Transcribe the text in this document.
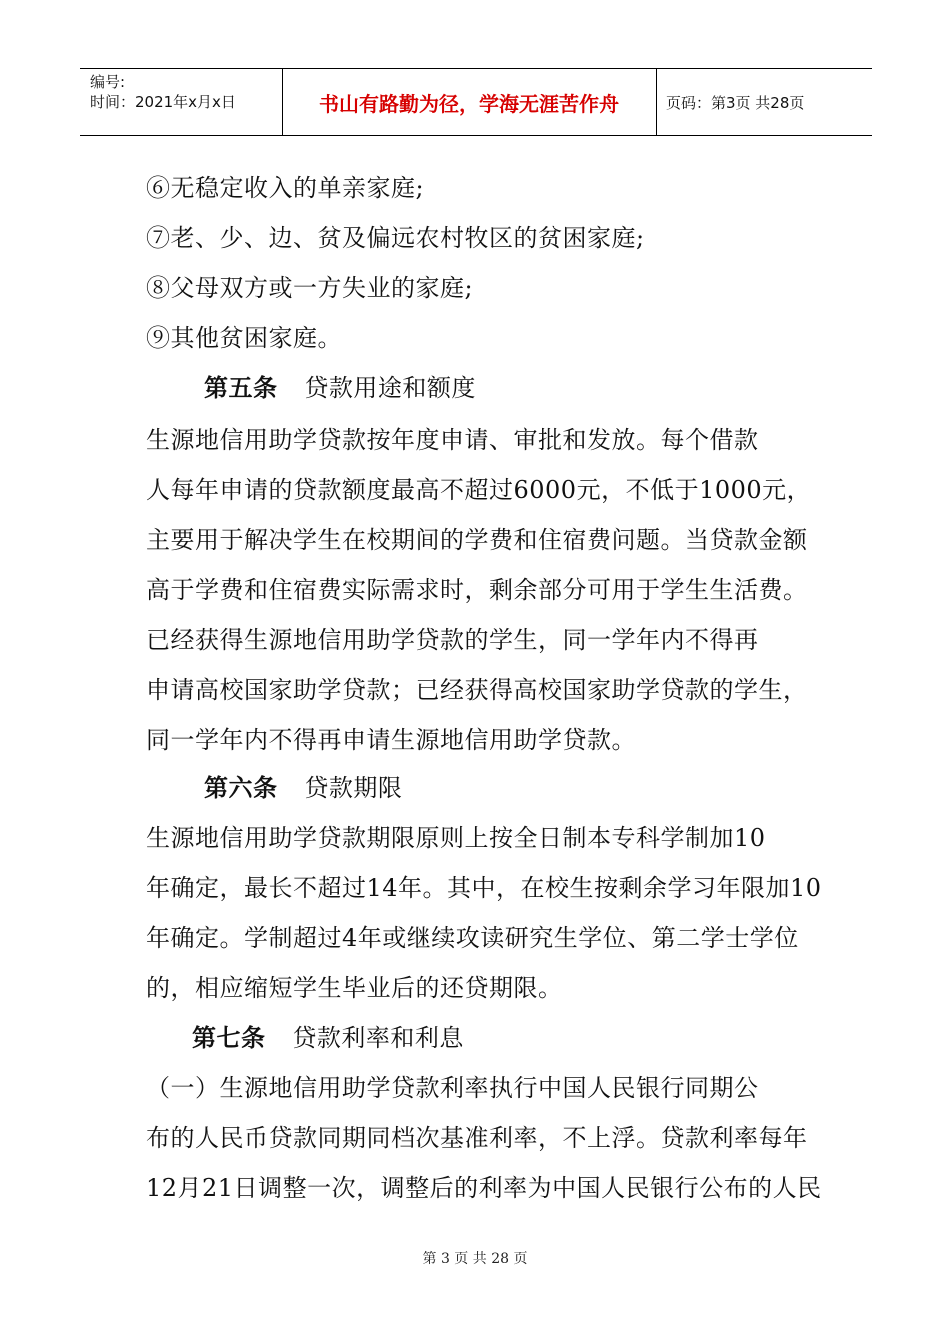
编号:
时间：2021年x月x日	书山有路勤为径，学海无涯苦作舟	页码：第3页 共28页
⑥无稳定收入的单亲家庭;
⑦老、少、边、贫及偏远农村牧区的贫困家庭;
⑧父母双方或一方失业的家庭;
⑨其他贫困家庭。
第五条 贷款用途和额度
生源地信用助学贷款按年度申请、审批和发放。每个借款
人每年申请的贷款额度最高不超过6000元，不低于1000元，
主要用于解决学生在校期间的学费和住宿费问题。当贷款金额
高于学费和住宿费实际需求时，剩余部分可用于学生生活费。
已经获得生源地信用助学贷款的学生，同一学年内不得再
申请高校国家助学贷款；已经获得高校国家助学贷款的学生，
同一学年内不得再申请生源地信用助学贷款。
第六条 贷款期限
生源地信用助学贷款期限原则上按全日制本专科学制加10
年确定，最长不超过14年。其中，在校生按剩余学习年限加10
年确定。学制超过4年或继续攻读研究生学位、第二学士学位
的，相应缩短学生毕业后的还贷期限。
第七条 贷款利率和利息
（一）生源地信用助学贷款利率执行中国人民银行同期公
布的人民币贷款同期同档次基准利率，不上浮。贷款利率每年
12月21日调整一次，调整后的利率为中国人民银行公布的人民
第 3 页 共 28 页
